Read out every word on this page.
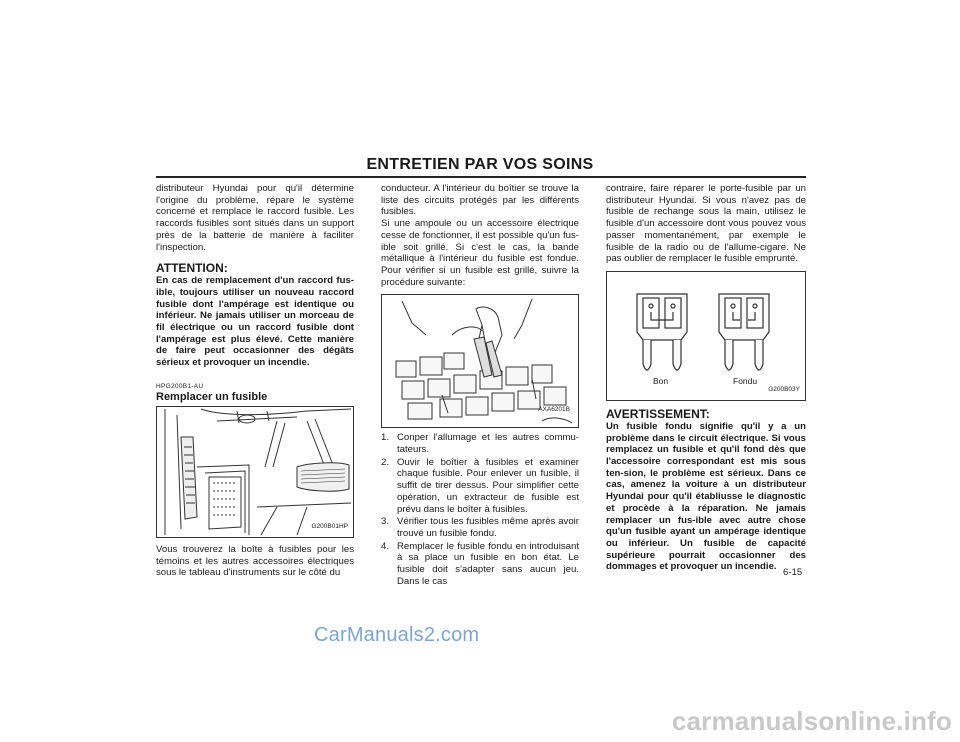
ENTRETIEN PAR VOS SOINS

distributeur Hyundai pour qu'il détermine l'origine du problème, répare le système concerné et remplace le raccord fusible. Les raccords fusibles sont situés dans un support près de la batterie de manière à faciliter l'inspection.

ATTENTION:

En cas de remplacement d'un raccord fus-ible, toujours utiliser un nouveau raccord fusible dont l'ampérage est identique ou inférieur. Ne jamais utiliser un morceau de fil électrique ou un raccord fusible dont l'ampérage est plus élevé. Cette manière de faire peut occasionner des dégâts sérieux et provoquer un incendie.

HPG200B1-AU
Remplacer un fusible
G200B01HP

Vous trouverez la boîte à fusibles pour les témoins et les autres accessoires électriques sous le tableau d'instruments sur le côté du

conducteur. A l'intérieur du boîtier se trouve la liste des circuits protégés par les différents fusibles.

Si une ampoule ou un accessoire électrique cesse de fonctionner, il est possible qu'un fus-ible soit grillé. Si c'est le cas, la bande métallique à l'intérieur du fusible est fondue. Pour vérifier si un fusible est grillé, suivre la procédure suivante:

AXA6201B
1. Conper l'allumage et les autres commu-tateurs.
2. Ouvir le boîtier à fusibles et examiner chaque fusible. Pour enlever un fusible, il suffit de tirer dessus. Pour simplifier cette opération, un extracteur de fusible est prévu dans le boîter à fusibles.
3. Vérifier tous les fusibles même après avoir trouvé un fusible fondu.
4. Remplacer le fusible fondu en introduisant à sa place un fusible en bon état. Le fusible doit s'adapter sans aucun jeu. Dans le cas

contraire, faire réparer le porte-fusible par un distributeur Hyundai. Si vous n'avez pas de fusible de rechange sous la main, utilisez le fusible d'un accessoire dont vous pouvez vous passer momentanément, par exemple le fusible de la radio ou de l'allume-cigare. Ne pas oublier de remplacer le fusible emprunté.

Bon	Fondu
G200B03Y
AVERTISSEMENT:

Un fusible fondu signifie qu'il y a un problème dans le circuit électrique. Si vous remplacez un fusible et qu'il fond dès que l'accessoire correspondant est mis sous ten-sion, le problème est sérieux. Dans ce cas, amenez la voiture à un distributeur Hyundai pour qu'il établiusse le diagnostic et procède à la réparation. Ne jamais remplacer un fus-ible avec autre chose qu'un fusible ayant un ampérage identique ou inférieur. Un fusible de capacité supérieure pourrait occasionner des dommages et provoquer un incendie.

6-15
CarManuals2.com
carmanualsonline.info
